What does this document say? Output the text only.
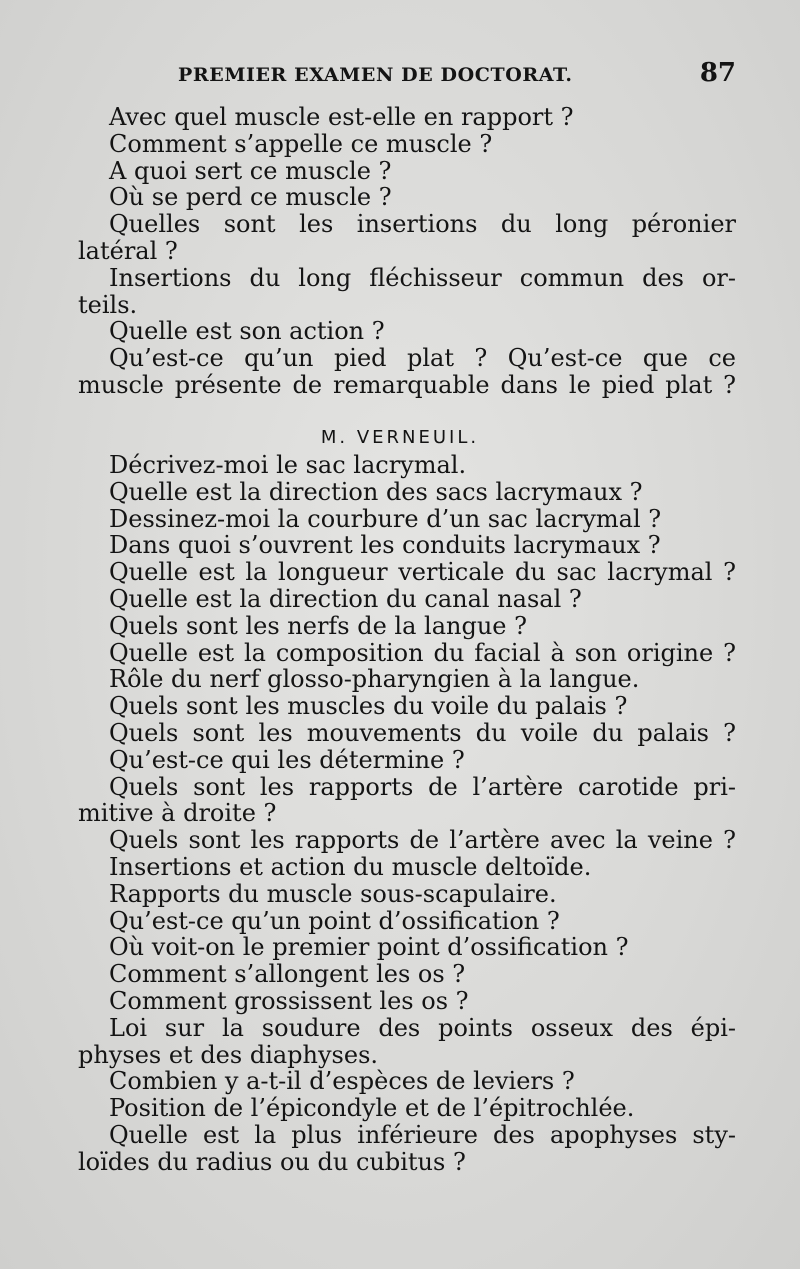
PREMIER EXAMEN DE DOCTORAT.	87
Avec quel muscle est-elle en rapport ?
Comment s’appelle ce muscle ?
A quoi sert ce muscle ?
Où se perd ce muscle ?
Quelles sont les insertions du long péronier
latéral ?
Insertions du long fléchisseur commun des or-
teils.
Quelle est son action ?
Qu’est-ce qu’un pied plat ? Qu’est-ce que ce
muscle présente de remarquable dans le pied plat ?
M. VERNEUIL.
Décrivez-moi le sac lacrymal.
Quelle est la direction des sacs lacrymaux ?
Dessinez-moi la courbure d’un sac lacrymal ?
Dans quoi s’ouvrent les conduits lacrymaux ?
Quelle est la longueur verticale du sac lacrymal ?
Quelle est la direction du canal nasal ?
Quels sont les nerfs de la langue ?
Quelle est la composition du facial à son origine ?
Rôle du nerf glosso-pharyngien à la langue.
Quels sont les muscles du voile du palais ?
Quels sont les mouvements du voile du palais ?
Qu’est-ce qui les détermine ?
Quels sont les rapports de l’artère carotide pri-
mitive à droite ?
Quels sont les rapports de l’artère avec la veine ?
Insertions et action du muscle deltoïde.
Rapports du muscle sous-scapulaire.
Qu’est-ce qu’un point d’ossification ?
Où voit-on le premier point d’ossification ?
Comment s’allongent les os ?
Comment grossissent les os ?
Loi sur la soudure des points osseux des épi-
physes et des diaphyses.
Combien y a-t-il d’espèces de leviers ?
Position de l’épicondyle et de l’épitrochlée.
Quelle est la plus inférieure des apophyses sty-
loïdes du radius ou du cubitus ?
